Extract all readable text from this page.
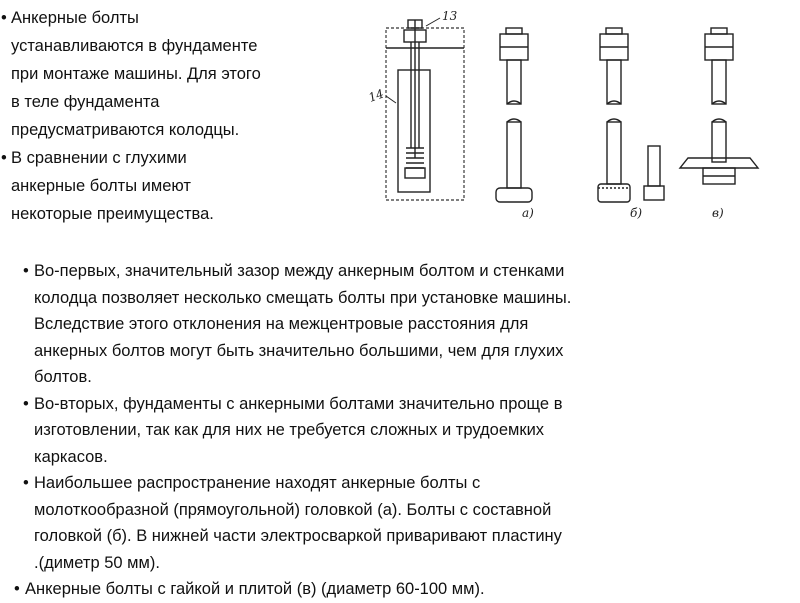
• Анкерные болты
устанавливаются в фундаменте
при монтаже машины. Для этого
в теле фундамента
предусматриваются колодцы.
• В сравнении с глухими
анкерные болты имеют
некоторые преимущества.
13
14
а)	б)	в)
• Во-первых, значительный зазор между анкерным болтом и стенками
колодца позволяет несколько смещать болты при установке машины.
Вследствие этого отклонения на межцентровые расстояния для
анкерных болтов могут быть значительно большими, чем для глухих
болтов.
• Во-вторых, фундаменты с анкерными болтами значительно проще в
изготовлении, так как для них не требуется сложных и трудоемких
каркасов.
• Наибольшее распространение находят анкерные болты с
молоткообразной (прямоугольной) головкой (а). Болты с составной
головкой (б). В нижней части электросваркой приваривают пластину
.(диметр 50 мм).
• Анкерные болты с гайкой и плитой (в) (диаметр 60-100 мм).
